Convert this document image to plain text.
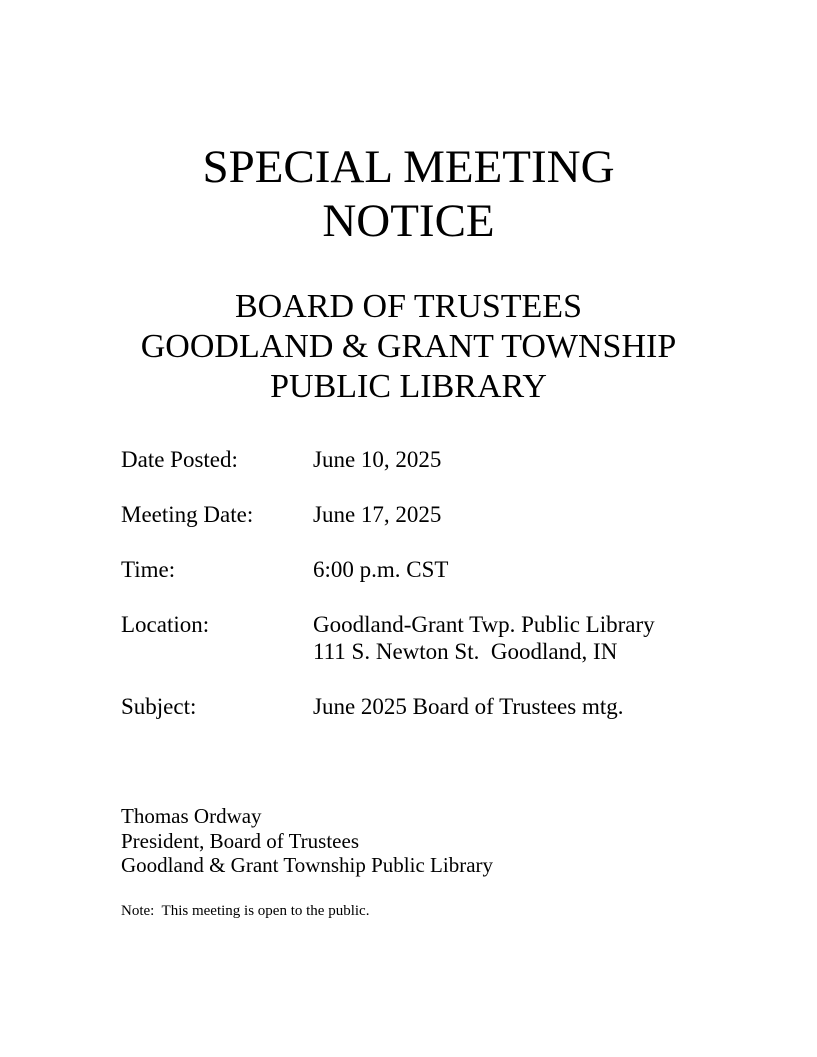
SPECIAL MEETING
NOTICE
BOARD OF TRUSTEES
GOODLAND & GRANT TOWNSHIP
PUBLIC LIBRARY
Date Posted:	June 10, 2025
Meeting Date:	June 17, 2025
Time:	6:00 p.m. CST
Location:	Goodland-Grant Twp. Public Library
111 S. Newton St.  Goodland, IN
Subject:	June 2025 Board of Trustees mtg.
Thomas Ordway
President, Board of Trustees
Goodland & Grant Township Public Library
Note:  This meeting is open to the public.
